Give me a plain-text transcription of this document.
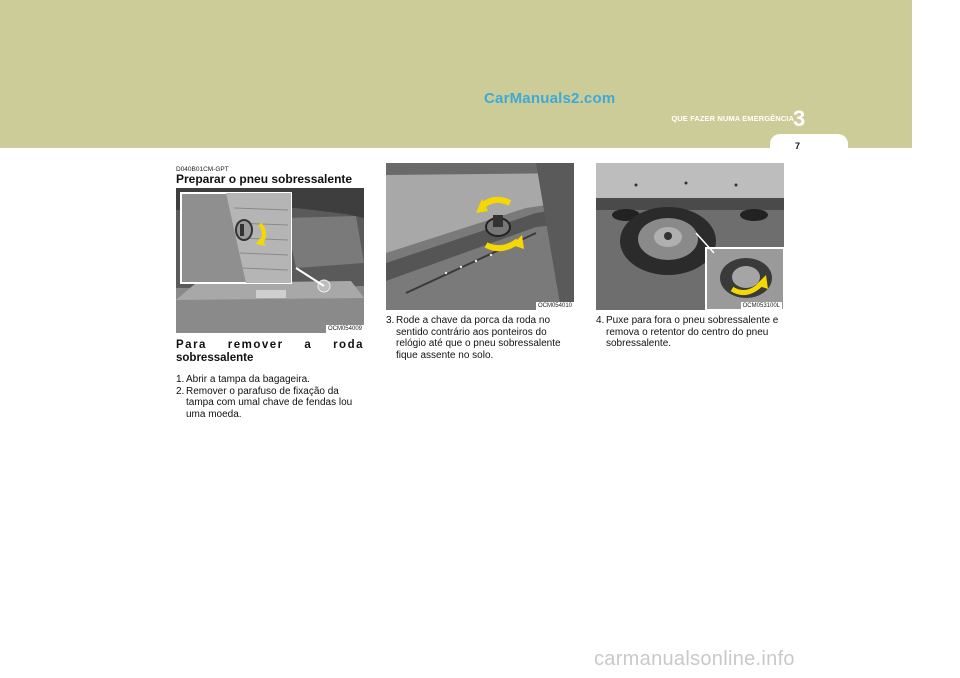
CarManuals2.com
QUE FAZER NUMA EMERGÊNCIA 3
7
D040B01CM-GPT
Preparar o pneu sobressalente
OCM054009
Para remover a roda
sobressalente
1. Abrir a tampa da bagageira.
2. Remover o parafuso de fixação da tampa com umal chave de fendas lou uma moeda.
OCM054010
3. Rode a chave da porca da roda no sentido contrário aos ponteiros do relógio até que o pneu sobressalente fique assente no solo.
OCM053100L
4. Puxe para fora o pneu sobressalente e remova o retentor do centro do pneu sobressalente.
carmanualsonline.info
